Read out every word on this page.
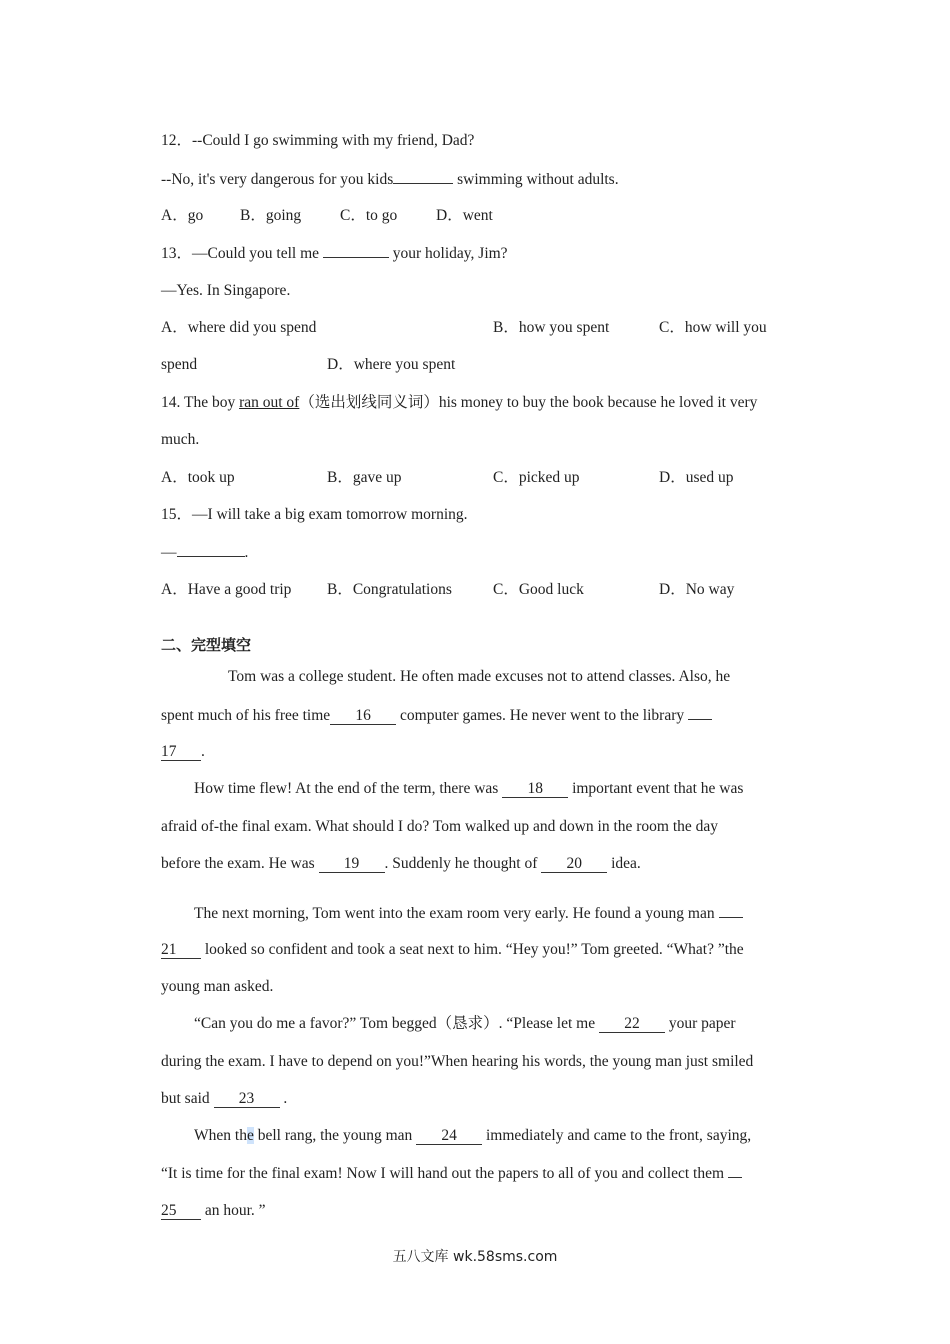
12．--Could I go swimming with my friend, Dad?
--No, it's very dangerous for you kids	swimming without adults.
A．go B．going	C．to go D．went
13．—Could you tell me	your holiday, Jim?
—Yes. In Singapore.
A．where did you spend	B．how you spent	C．how will you
spend	D．where you spent
14. The boy ran out of（选出划线同义词）his money to buy the book because he loved it very
much.
A．took up	B．gave up	C．picked up	D．used up
15．—I will take a big exam tomorrow morning.
—	.
A．Have a good trip B．Congratulations	C．Good luck	D．No way
二、完型填空
Tom was a college student. He often made excuses not to attend classes. Also, he
spent much of his free time 16 computer games. He never went to the library
17 .
How time flew! At the end of the term, there was 18 important event that he was
afraid of-the final exam. What should I do? Tom walked up and down in the room the day
before the exam. He was 19 . Suddenly he thought of 20 idea.
The next morning, Tom went into the exam room very early. He found a young man
21 looked so confident and took a seat next to him. “Hey you!” Tom greeted. “What? ”the
young man asked.
“Can you do me a favor?” Tom begged（恳求）. “Please let me 22 your paper
during the exam. I have to depend on you!”When hearing his words, the young man just smiled
but said 23 .
When the bell rang, the young man 24 immediately and came to the front, saying,
“It is time for the final exam! Now I will hand out the papers to all of you and collect them
25 an hour. ”
五八文库 wk.58sms.com
